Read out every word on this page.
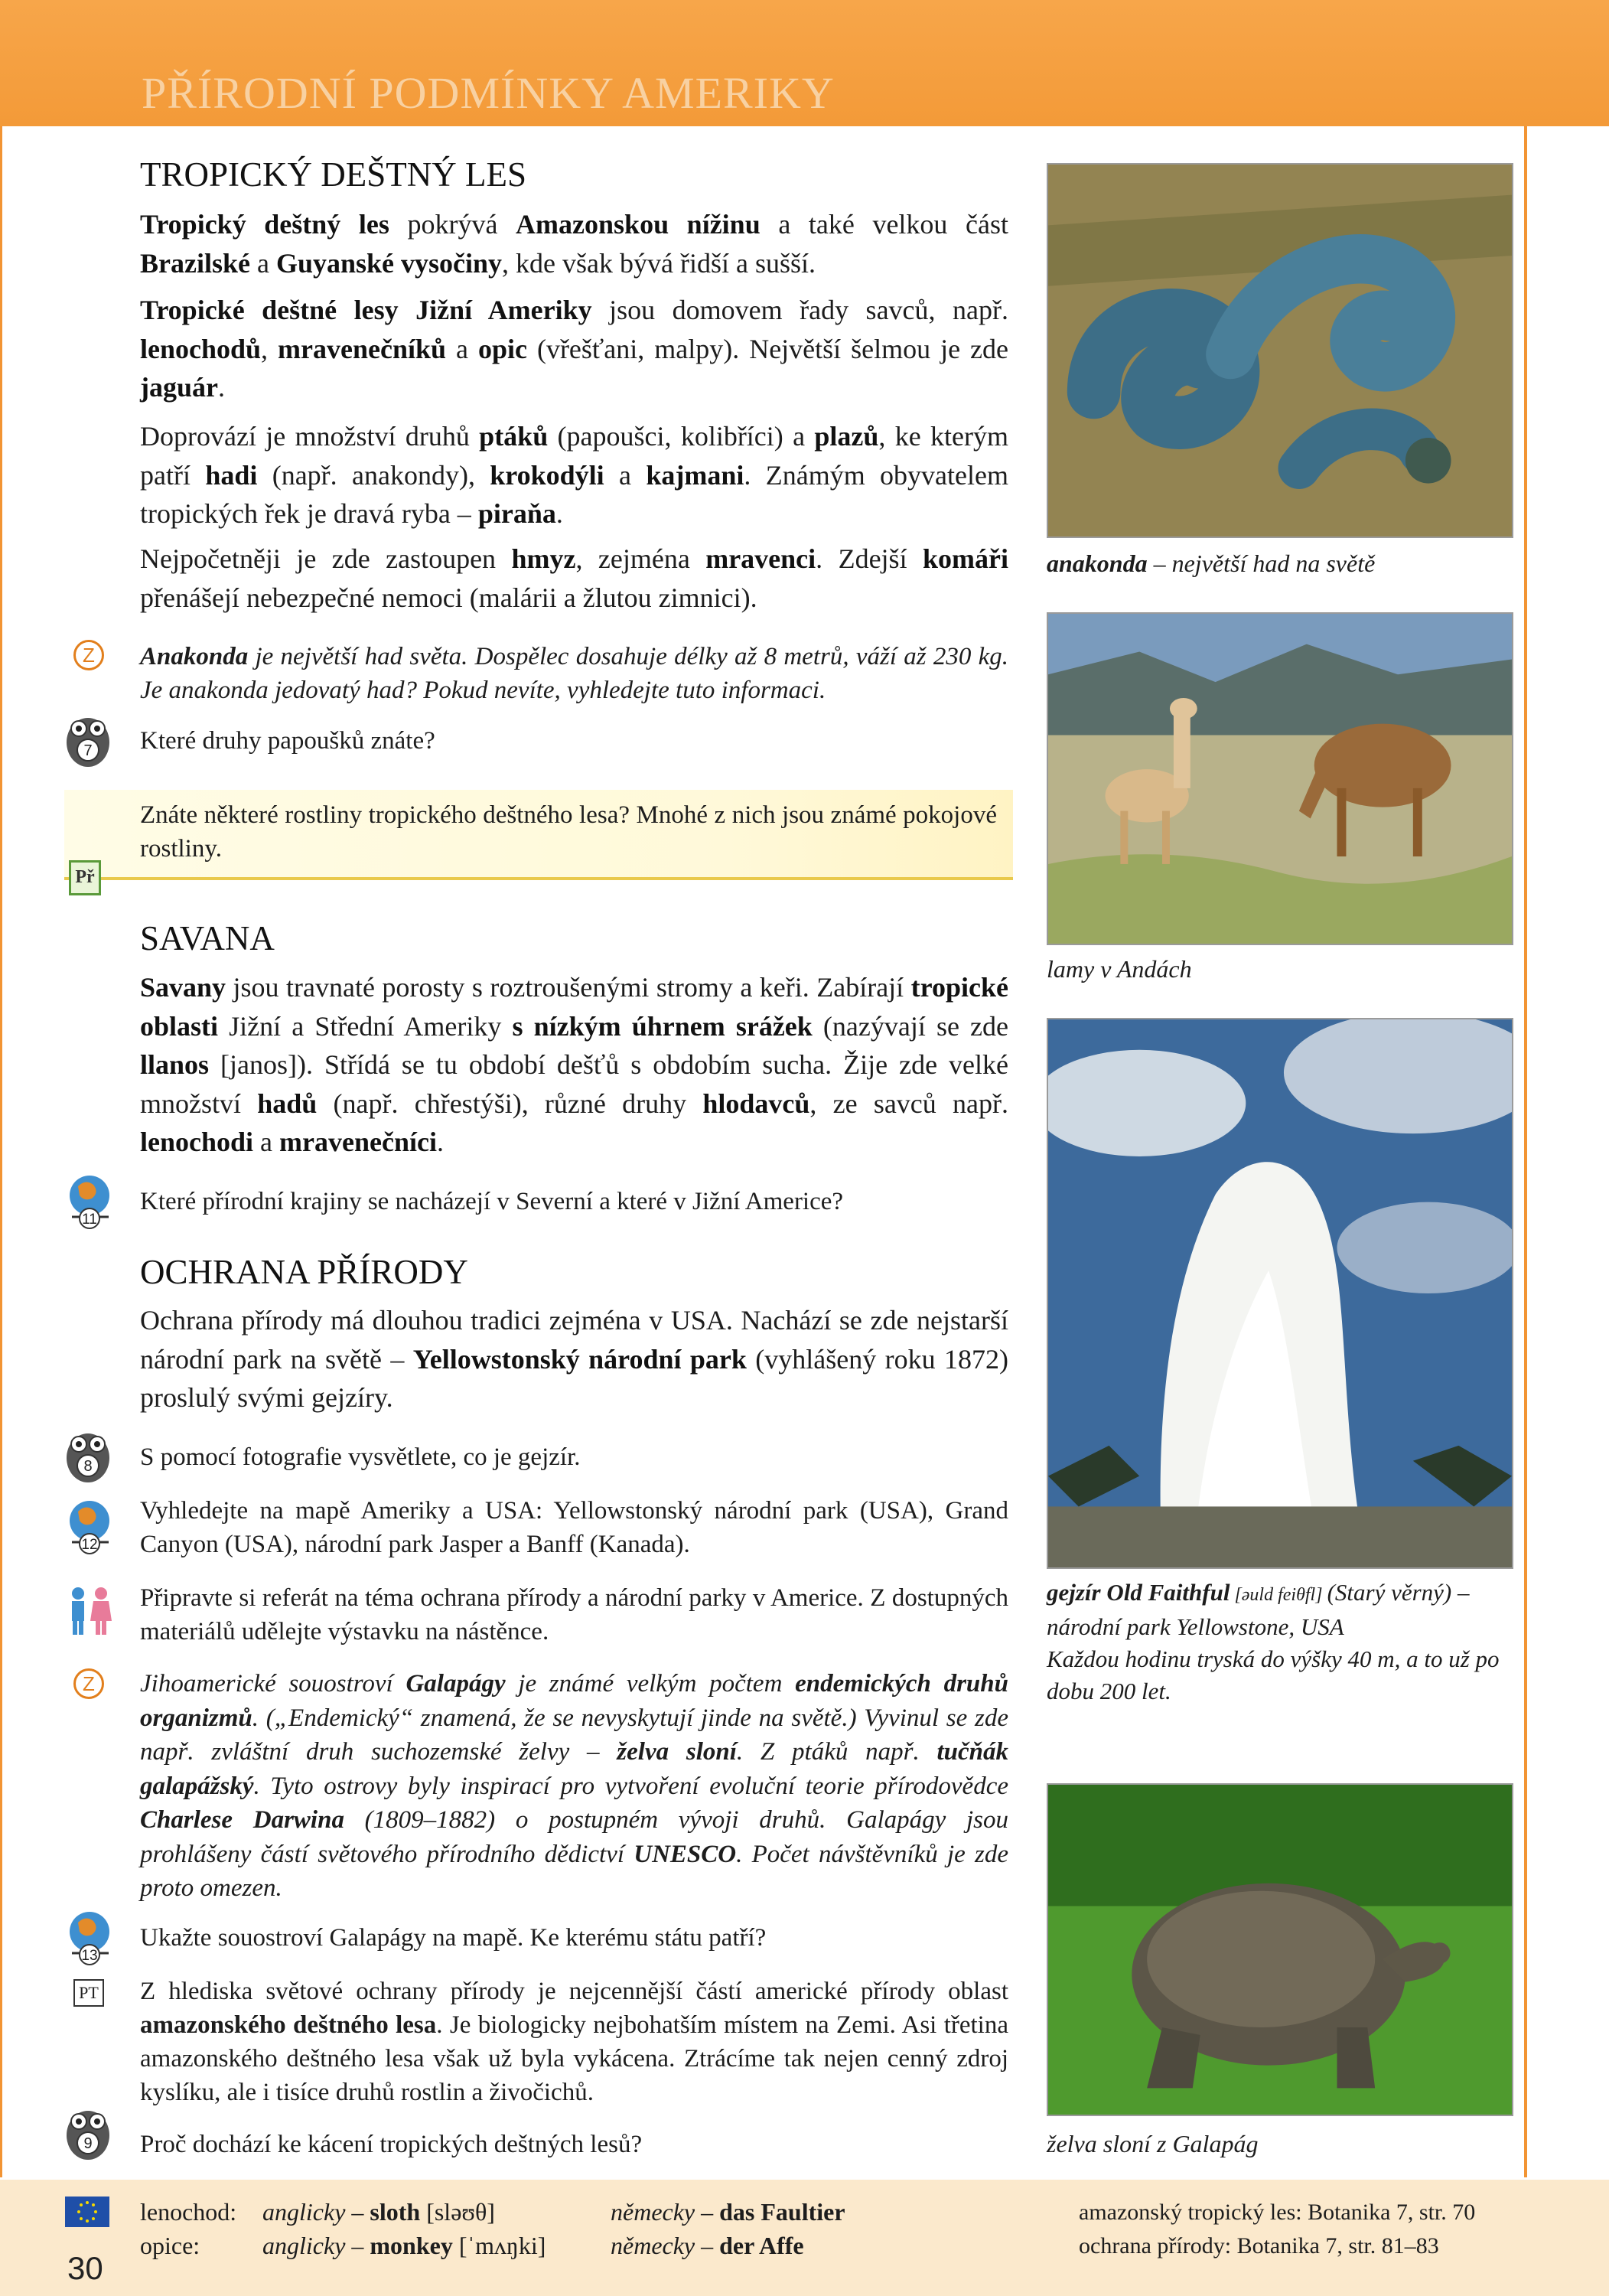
PŘÍRODNÍ PODMÍNKY AMERIKY
TROPICKÝ DEŠTNÝ LES
Tropický deštný les pokrývá Amazonskou nížinu a také velkou část Brazilské a Guyanské vysočiny, kde však bývá řidší a sušší.
Tropické deštné lesy Jižní Ameriky jsou domovem řady savců, např. lenochodů, mravenečníků a opic (vřešťani, malpy). Největší šelmou je zde jaguár.
Doprovází je množství druhů ptáků (papoušci, kolibříci) a plazů, ke kterým patří hadi (např. anakondy), krokodýli a kajmani. Známým obyvatelem tropických řek je dravá ryba – piraňa.
Nejpočetněji je zde zastoupen hmyz, zejména mravenci. Zdejší komáři přenášejí nebezpečné nemoci (malárii a žlutou zimnici).
Anakonda je největší had světa. Dospělec dosahuje délky až 8 metrů, váží až 230 kg. Je anakonda jedovatý had? Pokud nevíte, vyhledejte tuto informaci.
Které druhy papoušků znáte?
Znáte některé rostliny tropického deštného lesa? Mnohé z nich jsou známé pokojové rostliny.
SAVANA
Savany jsou travnaté porosty s roztroušenými stromy a keři. Zabírají tropické oblasti Jižní a Střední Ameriky s nízkým úhrnem srážek (nazývají se zde llanos [janos]). Střídá se tu období dešťů s obdobím sucha. Žije zde velké množství hadů (např. chřestýši), různé druhy hlodavců, ze savců např. lenochodi a mravenečníci.
Které přírodní krajiny se nacházejí v Severní a které v Jižní Americe?
OCHRANA PŘÍRODY
Ochrana přírody má dlouhou tradici zejména v USA. Nachází se zde nejstarší národní park na světě – Yellowstonský národní park (vyhlášený roku 1872) proslulý svými gejzíry.
S pomocí fotografie vysvětlete, co je gejzír.
Vyhledejte na mapě Ameriky a USA: Yellowstonský národní park (USA), Grand Canyon (USA), národní park Jasper a Banff (Kanada).
Připravte si referát na téma ochrana přírody a národní parky v Americe. Z dostupných materiálů udělejte výstavku na nástěnce.
Jihoamerické souostroví Galapágy je známé velkým počtem endemických druhů organizmů. („Endemický“ znamená, že se nevyskytují jinde na světě.) Vyvinul se zde např. zvláštní druh suchozemské želvy – želva sloní. Z ptáků např. tučňák galapážský. Tyto ostrovy byly inspirací pro vytvoření evoluční teorie přírodovědce Charlese Darwina (1809–1882) o postupném vývoji druhů. Galapágy jsou prohlášeny částí světového přírodního dědictví UNESCO. Počet návštěvníků je zde proto omezen.
Ukažte souostroví Galapágy na mapě. Ke kterému státu patří?
Z hlediska světové ochrany přírody je nejcennější částí americké přírody oblast amazonského deštného lesa. Je biologicky nejbohatším místem na Zemi. Asi třetina amazonského deštného lesa však už byla vykácena. Ztrácíme tak nejen cenný zdroj kyslíku, ale i tisíce druhů rostlin a živočichů.
Proč dochází ke kácení tropických deštných lesů?
Z
7
Př
11
8
12
Z
13
PT
9
anakonda – největší had na světě
lamy v Andách
gejzír Old Faithful [əuld feiθfl] (Starý věrný) – národní park Yellowstone, USA
Každou hodinu tryská do výšky 40 m, a to už po dobu 200 let.
želva sloní z Galapág
30
lenochod: anglicky – sloth [sləʊθ]	německy – das Faultier
opice:	anglicky – monkey [ˈmʌŋki]	německy – der Affe
amazonský tropický les: Botanika 7, str. 70
ochrana přírody: Botanika 7, str. 81–83
